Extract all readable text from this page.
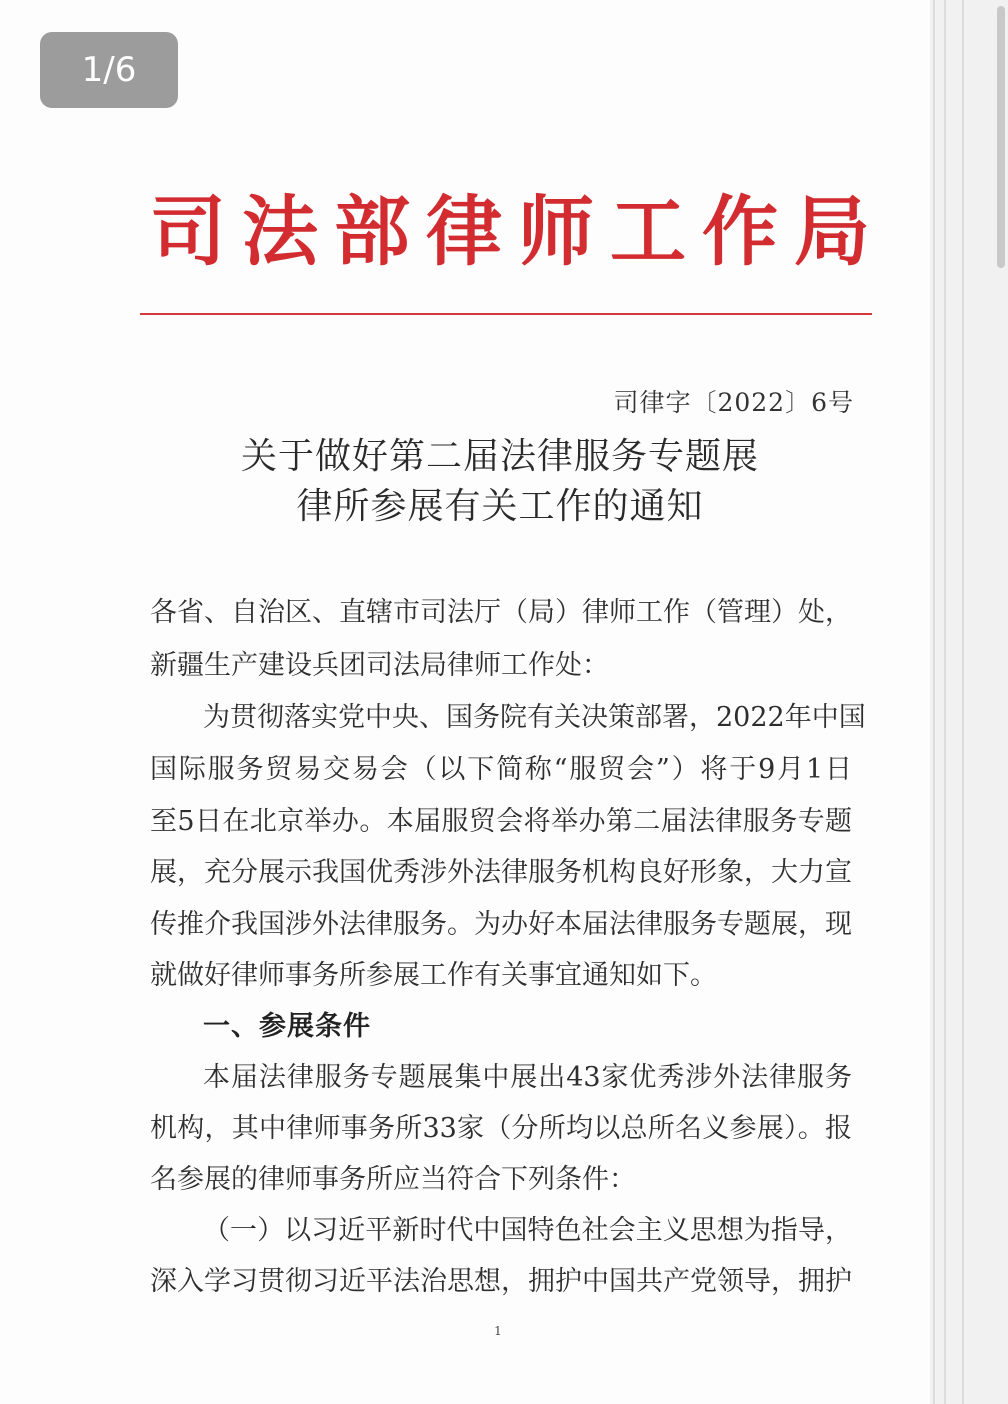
司 法 部 律 师 工 作 局
司律字〔2022〕6号
关于做好第二届法律服务专题展
律所参展有关工作的通知
各省、自治区、直辖市司法厅（局）律师工作（管理）处，
新疆生产建设兵团司法局律师工作处：
为贯彻落实党中央、国务院有关决策部署，2022年中国
国际服务贸易交易会（以下简称“服贸会”）将于9月1日
至5日在北京举办。本届服贸会将举办第二届法律服务专题
展，充分展示我国优秀涉外法律服务机构良好形象，大力宣
传推介我国涉外法律服务。为办好本届法律服务专题展，现
就做好律师事务所参展工作有关事宜通知如下。
一、参展条件
本届法律服务专题展集中展出43家优秀涉外法律服务
机构，其中律师事务所33家（分所均以总所名义参展）。报
名参展的律师事务所应当符合下列条件：
（一）以习近平新时代中国特色社会主义思想为指导，
深入学习贯彻习近平法治思想，拥护中国共产党领导，拥护
1
1/6
